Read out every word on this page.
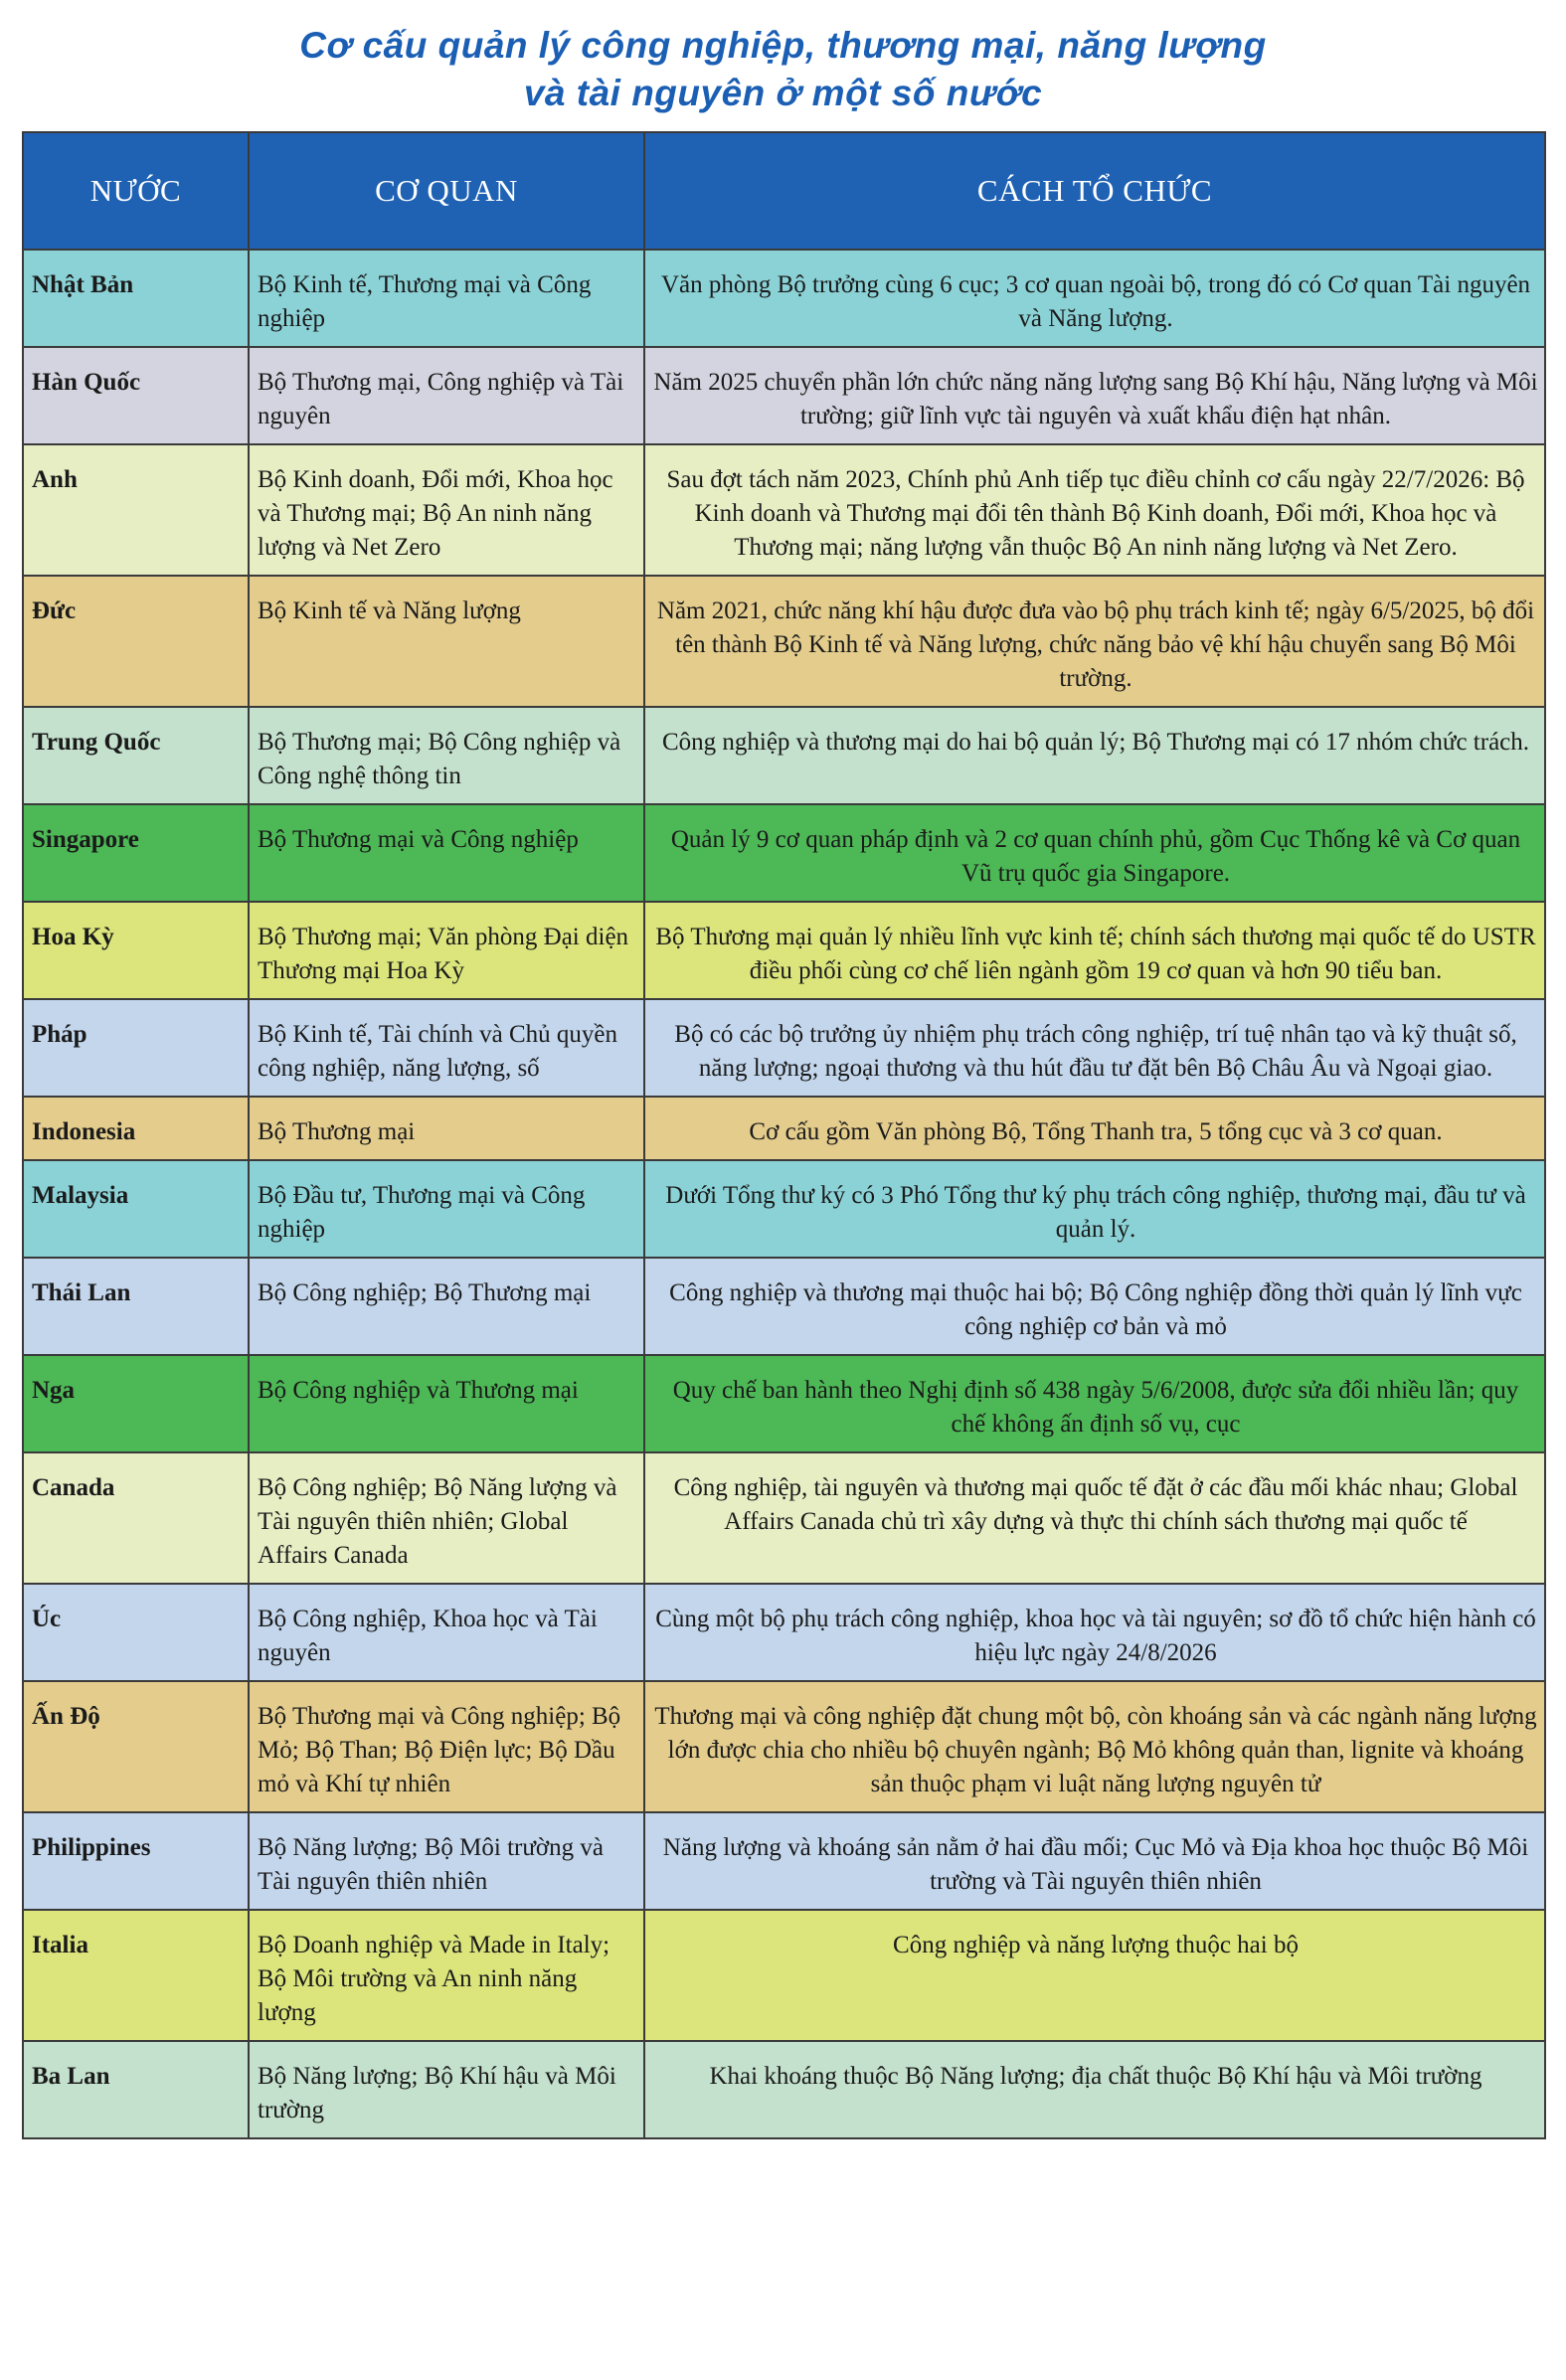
Cơ cấu quản lý công nghiệp, thương mại, năng lượng
và tài nguyên ở một số nước
NƯỚC	CƠ QUAN	CÁCH TỔ CHỨC
Nhật Bản	Bộ Kinh tế, Thương mại và Công nghiệp	Văn phòng Bộ trưởng cùng 6 cục; 3 cơ quan ngoài bộ, trong đó có Cơ quan Tài nguyên và Năng lượng.
Hàn Quốc	Bộ Thương mại, Công nghiệp và Tài nguyên	Năm 2025 chuyển phần lớn chức năng năng lượng sang Bộ Khí hậu, Năng lượng và Môi trường; giữ lĩnh vực tài nguyên và xuất khẩu điện hạt nhân.
Anh	Bộ Kinh doanh, Đổi mới, Khoa học và Thương mại; Bộ An ninh năng lượng và Net Zero	Sau đợt tách năm 2023, Chính phủ Anh tiếp tục điều chỉnh cơ cấu ngày 22/7/2026: Bộ Kinh doanh và Thương mại đổi tên thành Bộ Kinh doanh, Đổi mới, Khoa học và Thương mại; năng lượng vẫn thuộc Bộ An ninh năng lượng và Net Zero.
Đức	Bộ Kinh tế và Năng lượng	Năm 2021, chức năng khí hậu được đưa vào bộ phụ trách kinh tế; ngày 6/5/2025, bộ đổi tên thành Bộ Kinh tế và Năng lượng, chức năng bảo vệ khí hậu chuyển sang Bộ Môi trường.
Trung Quốc	Bộ Thương mại; Bộ Công nghiệp và Công nghệ thông tin	Công nghiệp và thương mại do hai bộ quản lý; Bộ Thương mại có 17 nhóm chức trách.
Singapore	Bộ Thương mại và Công nghiệp	Quản lý 9 cơ quan pháp định và 2 cơ quan chính phủ, gồm Cục Thống kê và Cơ quan Vũ trụ quốc gia Singapore.
Hoa Kỳ	Bộ Thương mại; Văn phòng Đại diện Thương mại Hoa Kỳ	Bộ Thương mại quản lý nhiều lĩnh vực kinh tế; chính sách thương mại quốc tế do USTR điều phối cùng cơ chế liên ngành gồm 19 cơ quan và hơn 90 tiểu ban.
Pháp	Bộ Kinh tế, Tài chính và Chủ quyền công nghiệp, năng lượng, số	Bộ có các bộ trưởng ủy nhiệm phụ trách công nghiệp, trí tuệ nhân tạo và kỹ thuật số, năng lượng; ngoại thương và thu hút đầu tư đặt bên Bộ Châu Âu và Ngoại giao.
Indonesia	Bộ Thương mại	Cơ cấu gồm Văn phòng Bộ, Tổng Thanh tra, 5 tổng cục và 3 cơ quan.
Malaysia	Bộ Đầu tư, Thương mại và Công nghiệp	Dưới Tổng thư ký có 3 Phó Tổng thư ký phụ trách công nghiệp, thương mại, đầu tư và quản lý.
Thái Lan	Bộ Công nghiệp; Bộ Thương mại	Công nghiệp và thương mại thuộc hai bộ; Bộ Công nghiệp đồng thời quản lý lĩnh vực công nghiệp cơ bản và mỏ
Nga	Bộ Công nghiệp và Thương mại	Quy chế ban hành theo Nghị định số 438 ngày 5/6/2008, được sửa đổi nhiều lần; quy chế không ấn định số vụ, cục
Canada	Bộ Công nghiệp; Bộ Năng lượng và Tài nguyên thiên nhiên; Global Affairs Canada	Công nghiệp, tài nguyên và thương mại quốc tế đặt ở các đầu mối khác nhau; Global Affairs Canada chủ trì xây dựng và thực thi chính sách thương mại quốc tế
Úc	Bộ Công nghiệp, Khoa học và Tài nguyên	Cùng một bộ phụ trách công nghiệp, khoa học và tài nguyên; sơ đồ tổ chức hiện hành có hiệu lực ngày 24/8/2026
Ấn Độ	Bộ Thương mại và Công nghiệp; Bộ Mỏ; Bộ Than; Bộ Điện lực; Bộ Dầu mỏ và Khí tự nhiên	Thương mại và công nghiệp đặt chung một bộ, còn khoáng sản và các ngành năng lượng lớn được chia cho nhiều bộ chuyên ngành; Bộ Mỏ không quản than, lignite và khoáng sản thuộc phạm vi luật năng lượng nguyên tử
Philippines	Bộ Năng lượng; Bộ Môi trường và Tài nguyên thiên nhiên	Năng lượng và khoáng sản nằm ở hai đầu mối; Cục Mỏ và Địa khoa học thuộc Bộ Môi trường và Tài nguyên thiên nhiên
Italia	Bộ Doanh nghiệp và Made in Italy; Bộ Môi trường và An ninh năng lượng	Công nghiệp và năng lượng thuộc hai bộ
Ba Lan	Bộ Năng lượng; Bộ Khí hậu và Môi trường	Khai khoáng thuộc Bộ Năng lượng; địa chất thuộc Bộ Khí hậu và Môi trường
